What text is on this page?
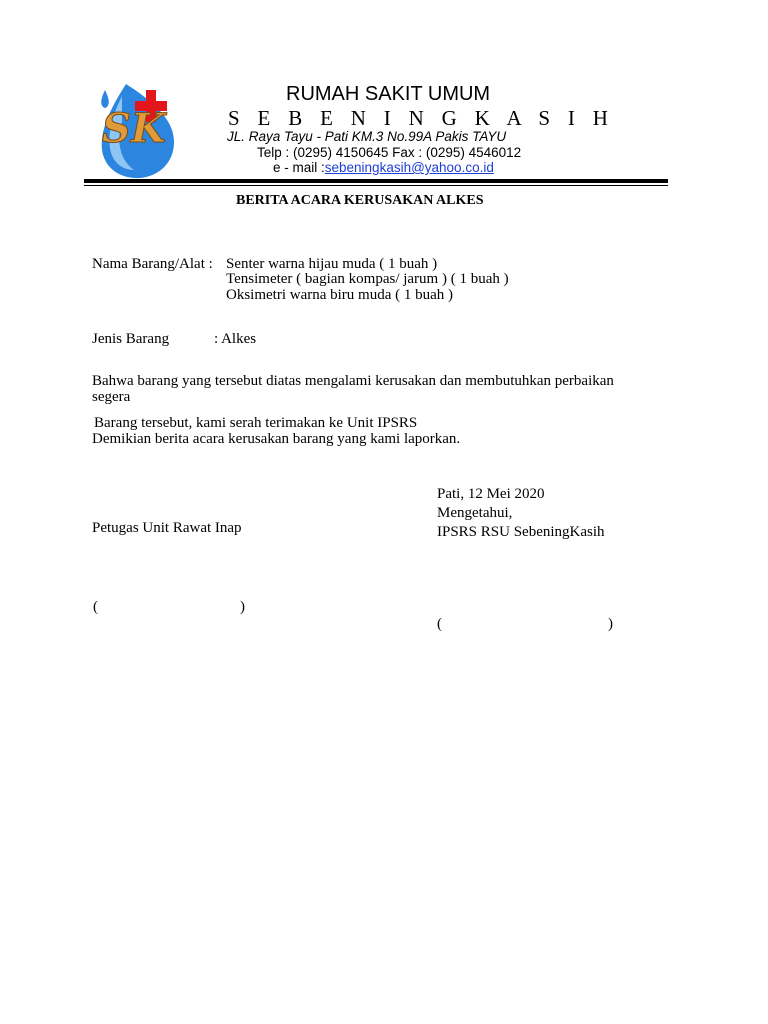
SK
RUMAH SAKIT UMUM
S E B E N I N G K A S I H
JL. Raya Tayu - Pati KM.3 No.99A Pakis TAYU
Telp : (0295) 4150645 Fax : (0295) 4546012
e - mail :sebeningkasih@yahoo.co.id
BERITA ACARA KERUSAKAN ALKES
Nama Barang/Alat : Senter warna hijau muda ( 1 buah )
Tensimeter ( bagian kompas/ jarum ) ( 1 buah )
Oksimetri warna biru muda ( 1 buah )
Jenis Barang	: Alkes
Bahwa barang yang tersebut diatas mengalami kerusakan dan membutuhkan perbaikan
segera
Barang tersebut, kami serah terimakan ke Unit IPSRS
Demikian berita acara kerusakan barang yang kami laporkan.
Pati, 12 Mei 2020
Mengetahui,
IPSRS RSU SebeningKasih
Petugas Unit Rawat Inap
(	)
(	)
